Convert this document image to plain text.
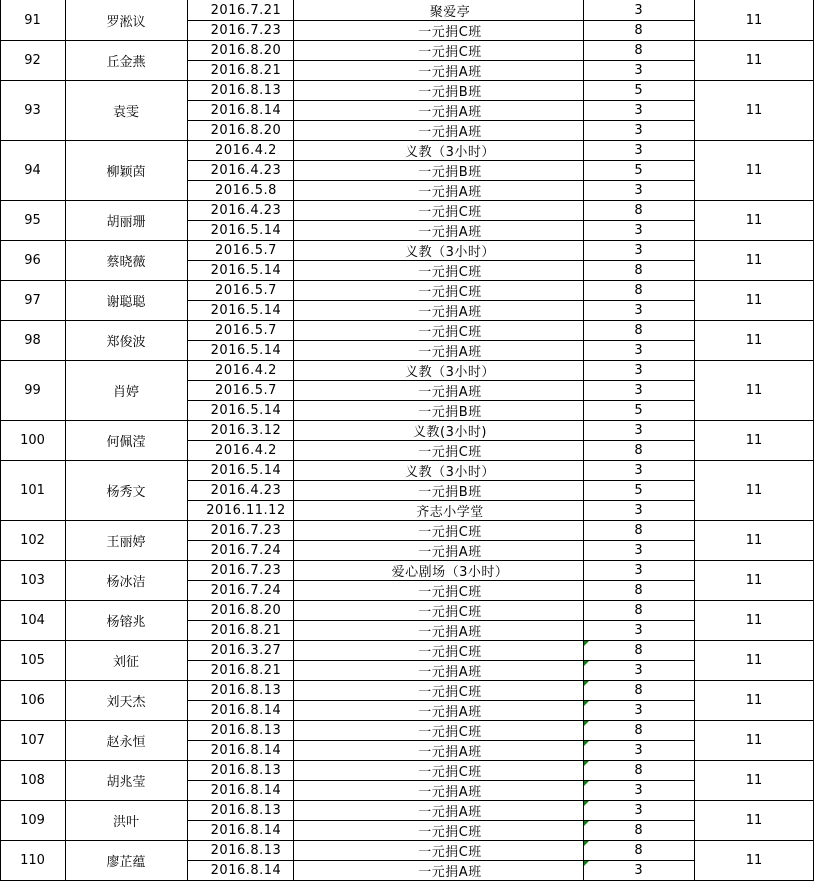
91	罗淞议	11
2016.7.21	聚爱亭	3
2016.7.23	一元捐C班	8
92	丘金燕	11
2016.8.20	一元捐C班	8
2016.8.21	一元捐A班	3
93	袁雯	11
2016.8.13	一元捐B班	5
2016.8.14	一元捐A班	3
2016.8.20	一元捐A班	3
94	柳颖茵	11
2016.4.2	义教（3小时）	3
2016.4.23	一元捐B班	5
2016.5.8	一元捐A班	3
95	胡丽珊	11
2016.4.23	一元捐C班	8
2016.5.14	一元捐A班	3
96	蔡晓薇	11
2016.5.7	义教（3小时）	3
2016.5.14	一元捐C班	8
97	谢聪聪	11
2016.5.7	一元捐C班	8
2016.5.14	一元捐A班	3
98	郑俊波	11
2016.5.7	一元捐C班	8
2016.5.14	一元捐A班	3
99	肖婷	11
2016.4.2	义教（3小时）	3
2016.5.7	一元捐A班	3
2016.5.14	一元捐B班	5
100	何佩滢	11
2016.3.12	义教(3小时)	3
2016.4.2	一元捐C班	8
101	杨秀文	11
2016.5.14	义教（3小时）	3
2016.4.23	一元捐B班	5
2016.11.12	齐志小学堂	3
102	王丽婷	11
2016.7.23	一元捐C班	8
2016.7.24	一元捐A班	3
103	杨冰洁	11
2016.7.23	爱心剧场（3小时）	3
2016.7.24	一元捐C班	8
104	杨镕兆	11
2016.8.20	一元捐C班	8
2016.8.21	一元捐A班	3
105	刘征	11
2016.3.27	一元捐C班	8
2016.8.21	一元捐A班	3
106	刘天杰	11
2016.8.13	一元捐C班	8
2016.8.14	一元捐A班	3
107	赵永恒	11
2016.8.13	一元捐C班	8
2016.8.14	一元捐A班	3
108	胡兆莹	11
2016.8.13	一元捐C班	8
2016.8.14	一元捐A班	3
109	洪叶	11
2016.8.13	一元捐A班	3
2016.8.14	一元捐C班	8
110	廖芷蕴	11
2016.8.13	一元捐C班	8
2016.8.14	一元捐A班	3
